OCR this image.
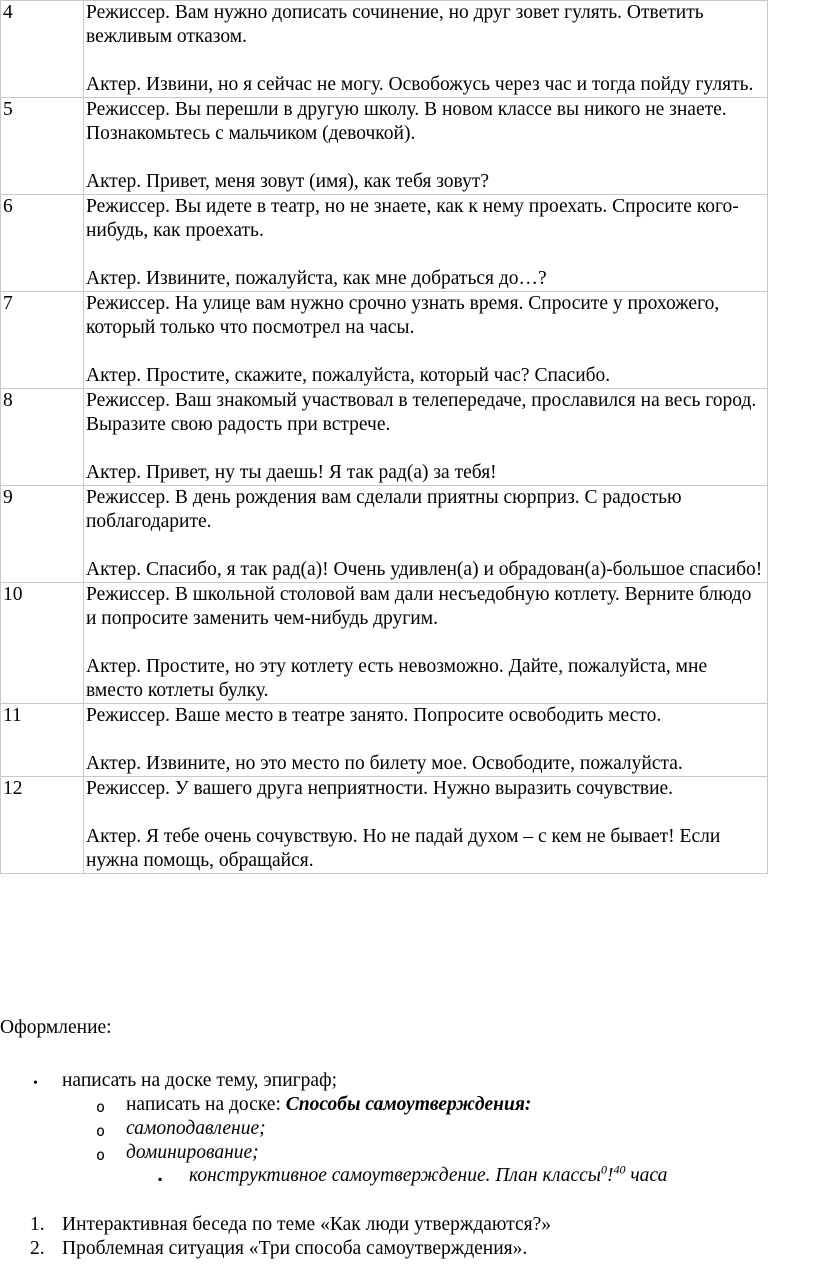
4	Режиссер. Вам нужно дописать сочинение, но друг зовет гулять. Ответить вежливым отказом.
Актер. Извини, но я сейчас не могу. Освобожусь через час и тогда пойду гулять.

5	Режиссер. Вы перешли в другую школу. В новом классе вы никого не знаете. Познакомьтесь с мальчиком (девочкой).
Актер. Привет, меня зовут (имя), как тебя зовут?

6	Режиссер. Вы идете в театр, но не знаете, как к нему проехать. Спросите кого-нибудь, как проехать.
Актер. Извините, пожалуйста, как мне добраться до…?

7	Режиссер. На улице вам нужно срочно узнать время. Спросите у прохожего, который только что посмотрел на часы.
Актер. Простите, скажите, пожалуйста, который час? Спасибо.

8	Режиссер. Ваш знакомый участвовал в телепередаче, прославился на весь город. Выразите свою радость при встрече.
Актер. Привет, ну ты даешь! Я так рад(а) за тебя!

9	Режиссер. В день рождения вам сделали приятны сюрприз. С радостью поблагодарите.
Актер. Спасибо, я так рад(а)! Очень удивлен(а) и обрадован(а)-большое спасибо!

10	Режиссер. В школьной столовой вам дали несъедобную котлету. Верните блюдо и попросите заменить чем-нибудь другим.
Актер. Простите, но эту котлету есть невозможно. Дайте, пожалуйста, мне вместо котлеты булку.

11	Режиссер. Ваше место в театре занято. Попросите освободить место.
Актер. Извините, но это место по билету мое. Освободите, пожалуйста.

12	Режиссер. У вашего друга неприятности. Нужно выразить сочувствие.
Актер. Я тебе очень сочувствую. Но не падай духом – с кем не бывает! Если нужна помощь, обращайся.
Оформление:
• написать на доске тему, эпиграф;
o написать на доске: Способы самоутверждения:
o самоподавление;
o доминирование;
▪ конструктивное самоутверждение. План классы$^0$!$^{40}$ часа
1. Интерактивная беседа по теме «Как люди утверждаются?»
2. Проблемная ситуация «Три способа самоутверждения».
